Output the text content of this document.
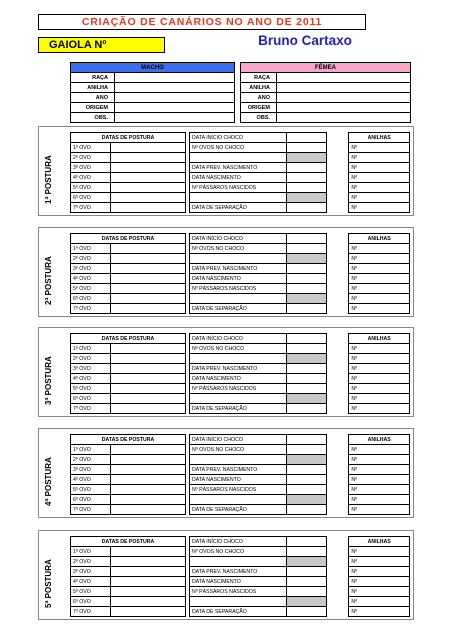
CRIAÇÃO DE CANÁRIOS NO ANO DE 2011
GAIOLA Nº	Bruno Cartaxo
MACHO	
RAÇA	
ANILHA	
ANO	
ORIGEM	
OBS.	
FÊMEA	
RAÇA	
ANILHA	
ANO	
ORIGEM	
OBS.	
1ª POSTURA
DATAS DE POSTURA			DATA INÍCIO CHOCO			ANILHAS
1º OVO			Nº OVOS NO CHOCO			Nº
2º OVO						Nº
3º OVO			DATA PREV. NASCIMENTO			Nº
4º OVO			DATA NASCIMENTO			Nº
5º OVO			Nº PÁSSAROS NASCIDOS			Nº
6º OVO						Nº
7º OVO			DATA DE SEPARAÇÃO			Nº
2ª POSTURA
DATAS DE POSTURA			DATA INÍCIO CHOCO			ANILHAS
1º OVO			Nº OVOS NO CHOCO			Nº
2º OVO						Nº
3º OVO			DATA PREV. NASCIMENTO			Nº
4º OVO			DATA NASCIMENTO			Nº
5º OVO			Nº PÁSSAROS NASCIDOS			Nº
6º OVO						Nº
7º OVO			DATA DE SEPARAÇÃO			Nº
3ª POSTURA
DATAS DE POSTURA			DATA INÍCIO CHOCO			ANILHAS
1º OVO			Nº OVOS NO CHOCO			Nº
2º OVO						Nº
3º OVO			DATA PREV. NASCIMENTO			Nº
4º OVO			DATA NASCIMENTO			Nº
5º OVO			Nº PÁSSAROS NASCIDOS			Nº
6º OVO						Nº
7º OVO			DATA DE SEPARAÇÃO			Nº
4ª POSTURA
DATAS DE POSTURA			DATA INÍCIO CHOCO			ANILHAS
1º OVO			Nº OVOS NO CHOCO			Nº
2º OVO						Nº
3º OVO			DATA PREV. NASCIMENTO			Nº
4º OVO			DATA NASCIMENTO			Nº
5º OVO			Nº PÁSSAROS NASCIDOS			Nº
6º OVO						Nº
7º OVO			DATA DE SEPARAÇÃO			Nº
5ª POSTURA
DATAS DE POSTURA			DATA INÍCIO CHOCO			ANILHAS
1º OVO			Nº OVOS NO CHOCO			Nº
2º OVO						Nº
3º OVO			DATA PREV. NASCIMENTO			Nº
4º OVO			DATA NASCIMENTO			Nº
5º OVO			Nº PÁSSAROS NASCIDOS			Nº
6º OVO						Nº
7º OVO			DATA DE SEPARAÇÃO			Nº
